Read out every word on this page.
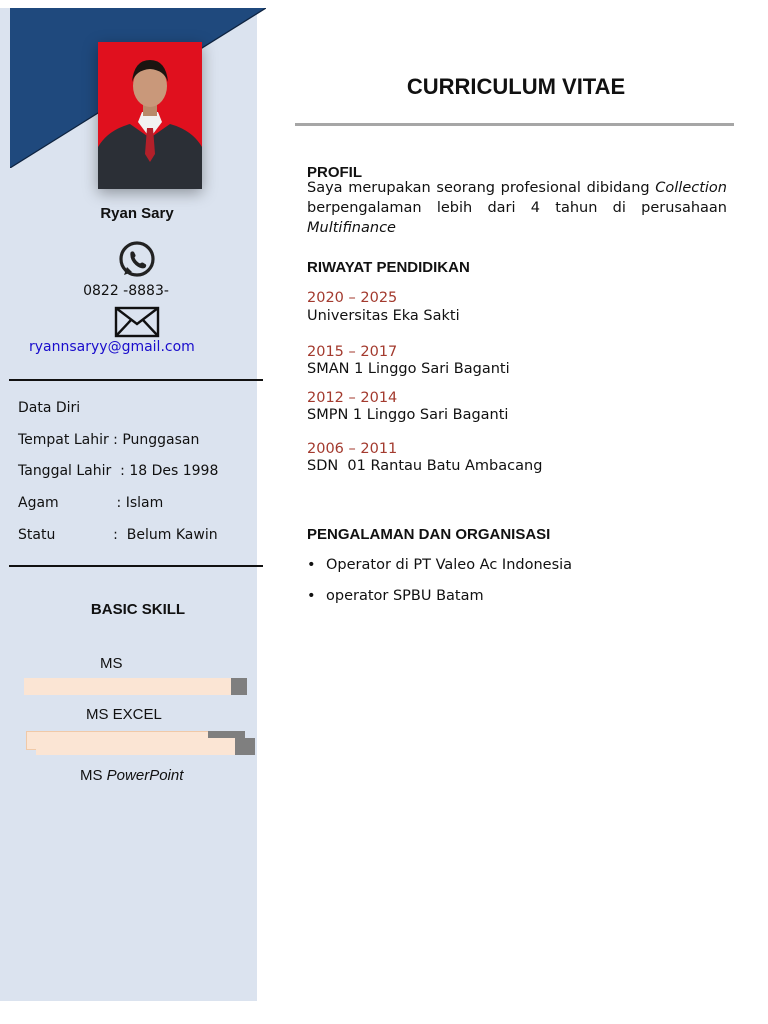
Ryan Sary
0822 -8883-
ryannsaryy@gmail.com
Data Diri
Tempat Lahir : Punggasan
Tanggal Lahir  : 18 Des 1998
Agam             : Islam
Statu             :  Belum Kawin
BASIC SKILL
MS
MS EXCEL
MS PowerPoint
CURRICULUM VITAE
PROFIL
Saya merupakan seorang profesional dibidang Collection berpengalaman lebih dari 4 tahun di perusahaan Multifinance
RIWAYAT PENDIDIKAN
2020 – 2025
Universitas Eka Sakti
2015 – 2017
SMAN 1 Linggo Sari Baganti
2012 – 2014
SMPN 1 Linggo Sari Baganti
2006 – 2011
SDN  01 Rantau Batu Ambacang
PENGALAMAN DAN ORGANISASI
• Operator di PT Valeo Ac Indonesia
• operator SPBU Batam
